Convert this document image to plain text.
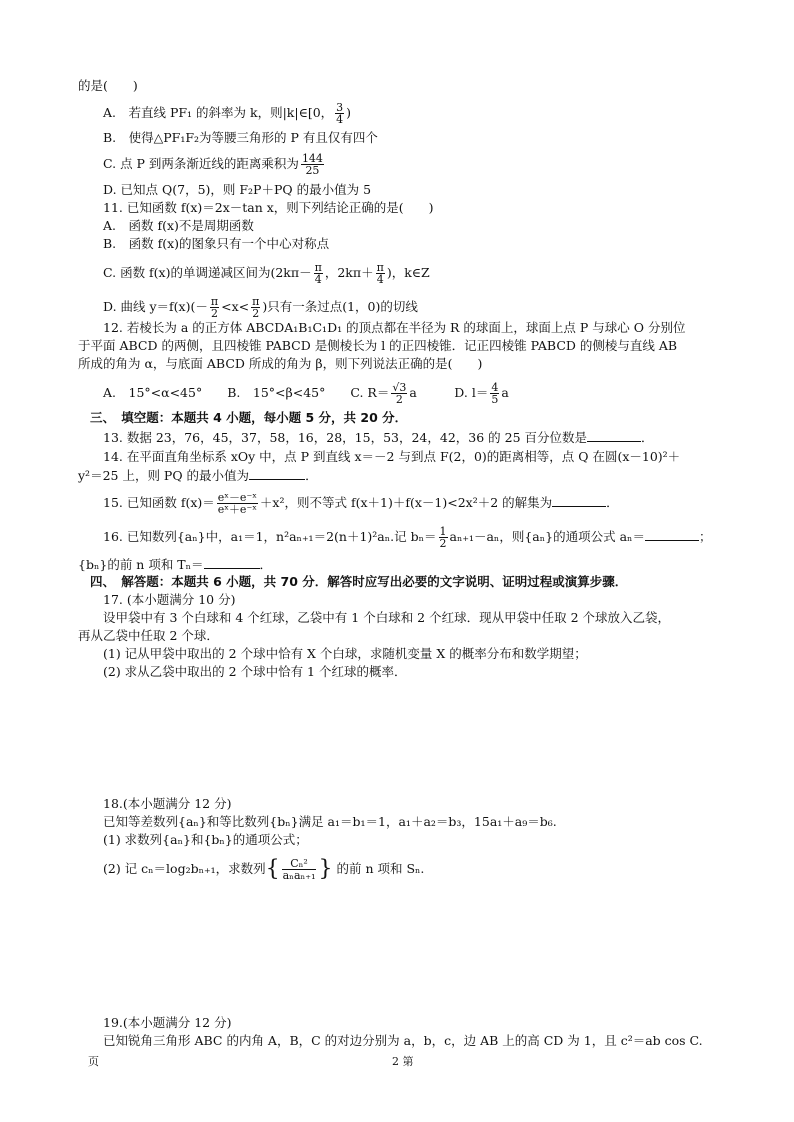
的是(　　)
A.　若直线 PF₁ 的斜率为 k，则|k|∈[0， $\frac{3}{4}$ )
B.　使得△PF₁F₂为等腰三角形的 P 有且仅有四个
C. 点 P 到两条渐近线的距离乘积为 $\frac{144}{25}$
D. 已知点 Q(7，5)，则 F₂P＋PQ 的最小值为 5
11. 已知函数 f(x)＝2x－tan x，则下列结论正确的是(　　)
A.　函数 f(x)不是周期函数
B.　函数 f(x)的图象只有一个中心对称点
C. 函数 f(x)的单调递减区间为($2k\pi- \frac{\pi}{4}$ ，$2k\pi+ \frac{\pi}{4}$ )，k∈Z
D. 曲线 $y=f(x)(- \frac{\pi}{2} <x< \frac{\pi}{2}$ )只有一条过点(1，0)的切线
12. 若棱长为 a 的正方体 ABCDA₁B₁C₁D₁ 的顶点都在半径为 R 的球面上，球面上点 P 与球心 O 分别位
于平面 ABCD 的两侧，且四棱锥 PABCD 是侧棱长为 l 的正四棱锥．记正四棱锥 PABCD 的侧棱与直线 AB
所成的角为 α，与底面 ABCD 所成的角为 β，则下列说法正确的是(　　)
A.　15°<α<45°　　B.　15°<β<45°　　C. $R= \frac{√3}{2}$ a　　　D. $l= \frac{4}{5}$ a
三、　填空题：本题共 4 小题，每小题 5 分，共 20 分．
13. 数据 23，76，45，37，58，16，28，15，53，24，42，36 的 25 百分位数是	．
14. 在平面直角坐标系 xOy 中，点 P 到直线 x＝－2 与到点 F(2，0)的距离相等，点 Q 在圆(x－10)²＋
y²＝25 上，则 PQ 的最小值为	．
15. 已知函数 $f(x)= \frac{\text{eˣ－e⁻ˣ}}{\text{eˣ＋e⁻ˣ}} +x^2$，则不等式 f(x＋1)＋f(x－1)<2x²＋2 的解集为	．
16. 已知数列{aₙ}中，a₁＝1，n²aₙ₊₁＝2(n＋1)²aₙ.记 $b_n= \frac{1}{2} a_{n+1}-a_n$，则{aₙ}的通项公式 aₙ＝	；
{bₙ}的前 n 项和 Tₙ＝	．
四、　解答题：本题共 6 小题，共 70 分．解答时应写出必要的文字说明、证明过程或演算步骤．
17. (本小题满分 10 分)
设甲袋中有 3 个白球和 4 个红球，乙袋中有 1 个白球和 2 个红球．现从甲袋中任取 2 个球放入乙袋，
再从乙袋中任取 2 个球．
(1) 记从甲袋中取出的 2 个球中恰有 X 个白球，求随机变量 X 的概率分布和数学期望；
(2) 求从乙袋中取出的 2 个球中恰有 1 个红球的概率．
18.(本小题满分 12 分)
已知等差数列{aₙ}和等比数列{bₙ}满足 a₁＝b₁＝1，a₁＋a₂＝b₃，15a₁＋a₉＝b₆.
(1) 求数列{aₙ}和{bₙ}的通项公式；
(2) 记 cₙ＝log₂bₙ₊₁，求数列{ $\frac{\text{Cₙ²}}{\text{aₙaₙ₊₁}}$ } 的前 n 项和 Sₙ.
19.(本小题满分 12 分)
已知锐角三角形 ABC 的内角 A，B，C 的对边分别为 a，b，c，边 AB 上的高 CD 为 1，且 c²＝ab cos C.
页	2 第
